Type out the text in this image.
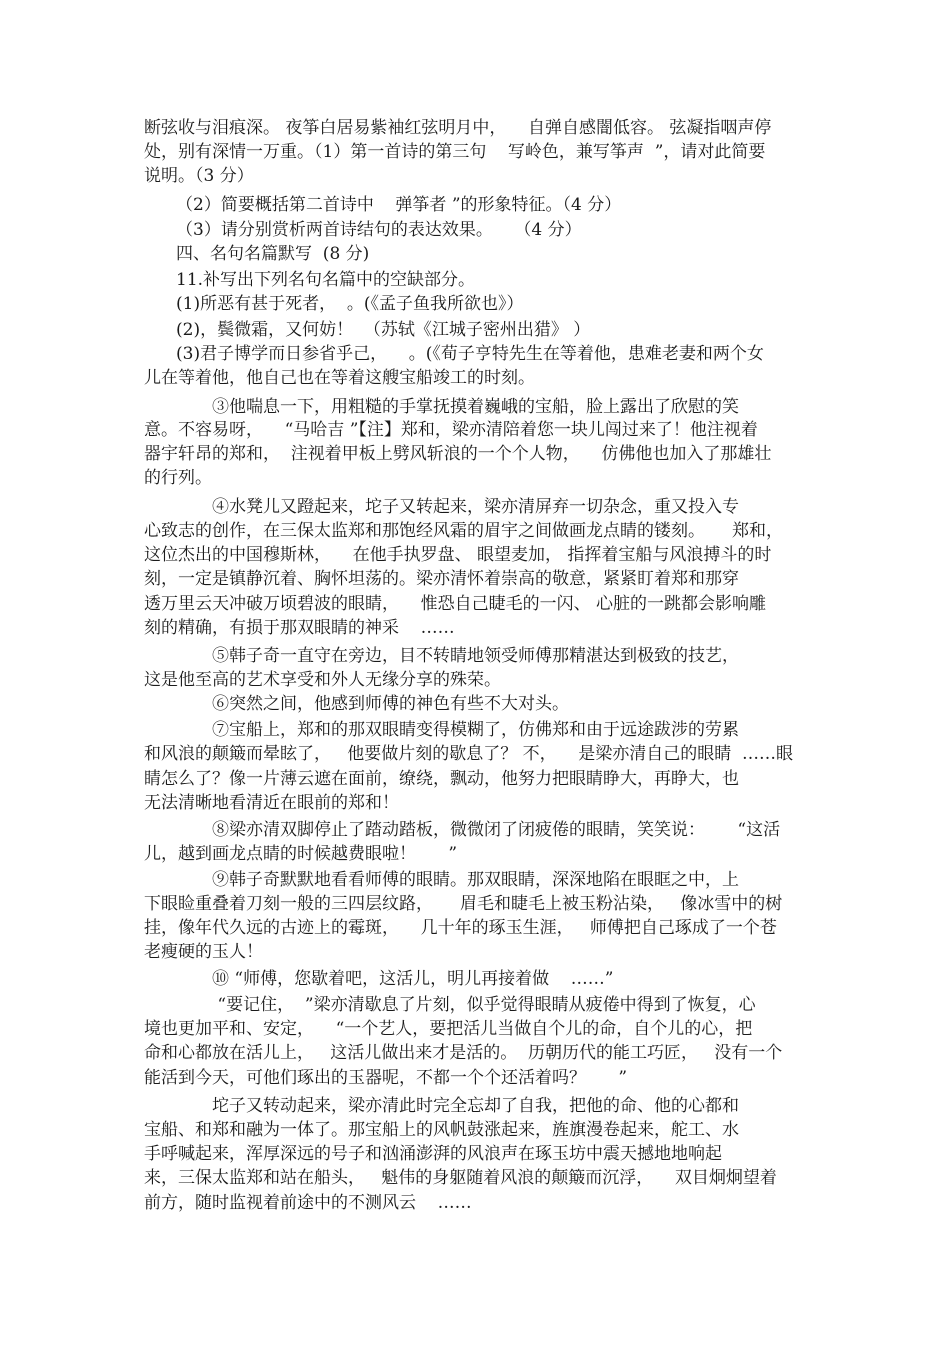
断弦收与泪痕深。 夜筝白居易紫袖红弦明月中，    自弹自感闇低容。 弦凝指咽声停
处，别有深情一万重。（1）第一首诗的第三句    写岭色，兼写筝声  ”，请对此简要
说明。（3 分）
（2）简要概括第二首诗中    弹筝者 ”的形象特征。（4 分）
（3）请分别赏析两首诗结句的表达效果。    （4 分）
四、名句名篇默写  (8 分)
11.补写出下列名句名篇中的空缺部分。
(1)所恶有甚于死者，  。(《孟子鱼我所欲也》）
(2)，鬓微霜，又何妨！  （苏轼《江城子密州出猎》 ）
(3)君子博学而日参省乎己，    。(《荀子亨特先生在等着他，患难老妻和两个女
儿在等着他，他自己也在等着这艘宝船竣工的时刻。
③他喘息一下，用粗糙的手掌抚摸着巍峨的宝船，脸上露出了欣慰的笑
意。不容易呀，    “马哈吉 ”【注】郑和，梁亦清陪着您一块儿闯过来了！他注视着
器宇轩昂的郑和，  注视着甲板上劈风斩浪的一个个人物，    仿佛他也加入了那雄壮
的行列。
④水凳儿又蹬起来，坨子又转起来，梁亦清屏弃一切杂念，重又投入专
心致志的创作，在三保太监郑和那饱经风霜的眉宇之间做画龙点睛的镂刻。     郑和，
这位杰出的中国穆斯林，    在他手执罗盘、 眼望麦加， 指挥着宝船与风浪搏斗的时
刻，一定是镇静沉着、胸怀坦荡的。梁亦清怀着崇高的敬意，紧紧盯着郑和那穿
透万里云天冲破万顷碧波的眼睛，    惟恐自己睫毛的一闪、 心脏的一跳都会影响雕
刻的精确，有损于那双眼睛的神采    ……
⑤韩子奇一直守在旁边，目不转睛地领受师傅那精湛达到极致的技艺，
这是他至高的艺术享受和外人无缘分享的殊荣。
⑥突然之间，他感到师傅的神色有些不大对头。
⑦宝船上，郑和的那双眼睛变得模糊了，仿佛郑和由于远途跋涉的劳累
和风浪的颠簸而晕眩了，   他要做片刻的歇息了？ 不，    是梁亦清自己的眼睛  ……眼
睛怎么了？像一片薄云遮在面前，缭绕，飘动，他努力把眼睛睁大，再睁大，也
无法清晰地看清近在眼前的郑和！
⑧梁亦清双脚停止了踏动踏板，微微闭了闭疲倦的眼睛，笑笑说：      “这活
儿，越到画龙点睛的时候越费眼啦！      ”
⑨韩子奇默默地看看师傅的眼睛。那双眼睛，深深地陷在眼眶之中，上
下眼睑重叠着刀刻一般的三四层纹路，     眉毛和睫毛上被玉粉沾染，   像冰雪中的树
挂，像年代久远的古迹上的霉斑，    几十年的琢玉生涯，   师傅把自己琢成了一个苍
老瘦硬的玉人！
⑩ “师傅，您歇着吧，这活儿，明儿再接着做    ……”
“要记住，  ”梁亦清歇息了片刻，似乎觉得眼睛从疲倦中得到了恢复，心
境也更加平和、安定，    “一个艺人，要把活儿当做自个儿的命，自个儿的心，把
命和心都放在活儿上，   这活儿做出来才是活的。  历朝历代的能工巧匠，   没有一个
能活到今天，可他们琢出的玉器呢，不都一个个还活着吗？      ”
坨子又转动起来，梁亦清此时完全忘却了自我，把他的命、他的心都和
宝船、和郑和融为一体了。那宝船上的风帆鼓涨起来，旌旗漫卷起来，舵工、水
手呼喊起来，浑厚深远的号子和汹涌澎湃的风浪声在琢玉坊中震天撼地地响起
来，三保太监郑和站在船头，   魁伟的身躯随着风浪的颠簸而沉浮，    双目炯炯望着
前方，随时监视着前途中的不测风云    ……
